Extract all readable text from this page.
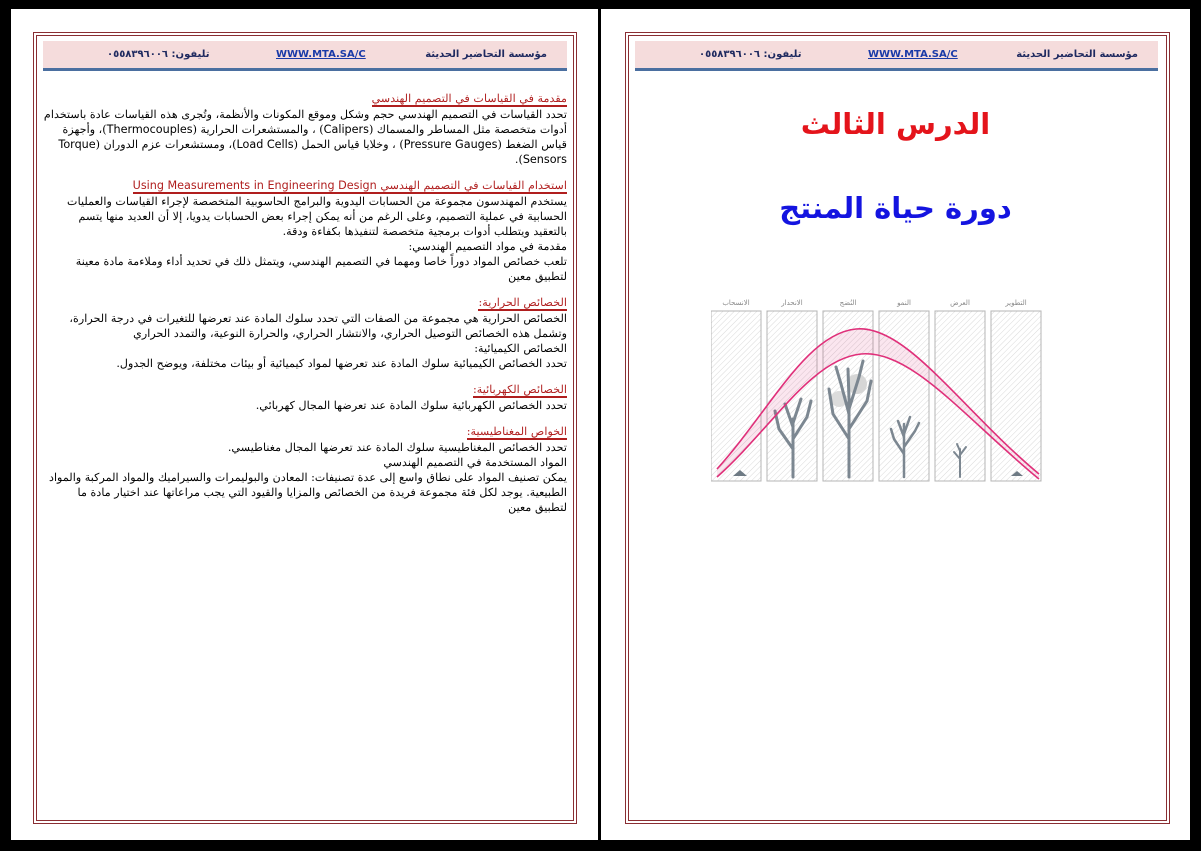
مؤسسة التحاضير الحديثة
WWW.MTA.SA/C
تليفون: ٠٥٥٨٣٩٦٠٠٦
مقدمة في القياسات في التصميم الهندسي

تحدد القياسات في التصميم الهندسي حجم وشكل وموقع المكونات والأنظمة، وتُجرى هذه القياسات عادة باستخدام أدوات متخصصة مثل المساطر والمسماك (Calipers) ، والمستشعرات الحرارية (Thermocouples)، وأجهزة قياس الضغط (Pressure Gauges) ، وخلايا قياس الحمل (Load Cells)، ومستشعرات عزم الدوران (Torque Sensors).

استخدام القياسات في التصميم الهندسي Using Measurements in Engineering Design

يستخدم المهندسون مجموعة من الحسابات اليدوية والبرامج الحاسوبية المتخصصة لإجراء القياسات والعمليات الحسابية في عملية التصميم، وعلى الرغم من أنه يمكن إجراء بعض الحسابات يدويا، إلا أن العديد منها يتسم بالتعقيد ويتطلب أدوات برمجية متخصصة لتنفيذها بكفاءة ودقة.

مقدمة في مواد التصميم الهندسي:

تلعب خصائص المواد دوراً خاصا ومهما في التصميم الهندسي، ويتمثل ذلك في تحديد أداء وملاءمة مادة معينة لتطبيق معين

الخصائص الحرارية:

الخصائص الحرارية هي مجموعة من الصفات التي تحدد سلوك المادة عند تعرضها للتغيرات في درجة الحرارة، وتشمل هذه الخصائص التوصيل الحراري، والانتشار الحراري، والحرارة النوعية، والتمدد الحراري

الخصائص الكيميائية:

تحدد الخصائص الكيميائية سلوك المادة عند تعرضها لمواد كيميائية أو بيئات مختلفة، ويوضح الجدول.

الخصائص الكهربائية:

تحدد الخصائص الكهربائية سلوك المادة عند تعرضها المجال كهربائي.

الخواص المغناطيسية:

تحدد الخصائص المغناطيسية سلوك المادة عند تعرضها المجال مغناطيسي.

المواد المستخدمة في التصميم الهندسي

يمكن تصنيف المواد على نطاق واسع إلى عدة تصنيفات: المعادن والبوليمرات والسيراميك والمواد المركبة والمواد الطبيعية. يوجد لكل فئة مجموعة فريدة من الخصائص والمزايا والقيود التي يجب مراعاتها عند اختيار مادة ما لتطبيق معين

مؤسسة التحاضير الحديثة
WWW.MTA.SA/C
تليفون: ٠٥٥٨٣٩٦٠٠٦
الدرس الثالث
دورة حياة المنتج
التطوير
العرض
النمو
النُضج
الانحدار
الانسحاب
